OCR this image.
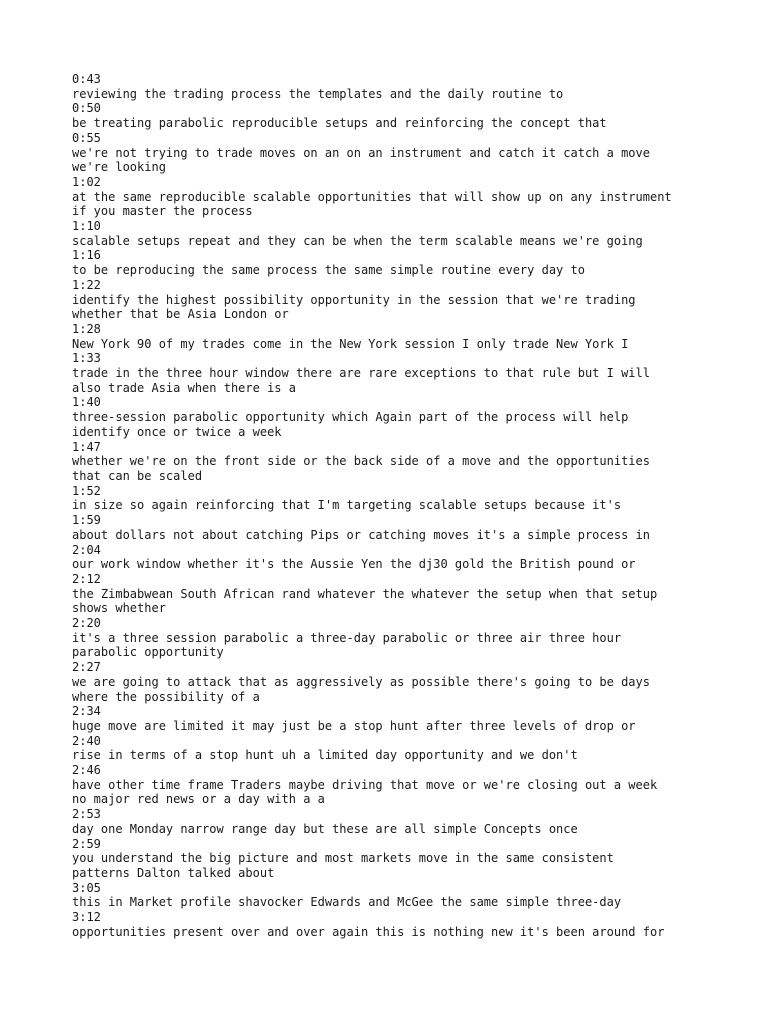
0:43
reviewing the trading process the templates and the daily routine to
0:50
be treating parabolic reproducible setups and reinforcing the concept that
0:55
we're not trying to trade moves on an on an instrument and catch it catch a move
we're looking
1:02
at the same reproducible scalable opportunities that will show up on any instrument
if you master the process
1:10
scalable setups repeat and they can be when the term scalable means we're going
1:16
to be reproducing the same process the same simple routine every day to
1:22
identify the highest possibility opportunity in the session that we're trading
whether that be Asia London or
1:28
New York 90 of my trades come in the New York session I only trade New York I
1:33
trade in the three hour window there are rare exceptions to that rule but I will
also trade Asia when there is a
1:40
three-session parabolic opportunity which Again part of the process will help
identify once or twice a week
1:47
whether we're on the front side or the back side of a move and the opportunities
that can be scaled
1:52
in size so again reinforcing that I'm targeting scalable setups because it's
1:59
about dollars not about catching Pips or catching moves it's a simple process in
2:04
our work window whether it's the Aussie Yen the dj30 gold the British pound or
2:12
the Zimbabwean South African rand whatever the whatever the setup when that setup
shows whether
2:20
it's a three session parabolic a three-day parabolic or three air three hour
parabolic opportunity
2:27
we are going to attack that as aggressively as possible there's going to be days
where the possibility of a
2:34
huge move are limited it may just be a stop hunt after three levels of drop or
2:40
rise in terms of a stop hunt uh a limited day opportunity and we don't
2:46
have other time frame Traders maybe driving that move or we're closing out a week
no major red news or a day with a a
2:53
day one Monday narrow range day but these are all simple Concepts once
2:59
you understand the big picture and most markets move in the same consistent
patterns Dalton talked about
3:05
this in Market profile shavocker Edwards and McGee the same simple three-day
3:12
opportunities present over and over again this is nothing new it's been around for
